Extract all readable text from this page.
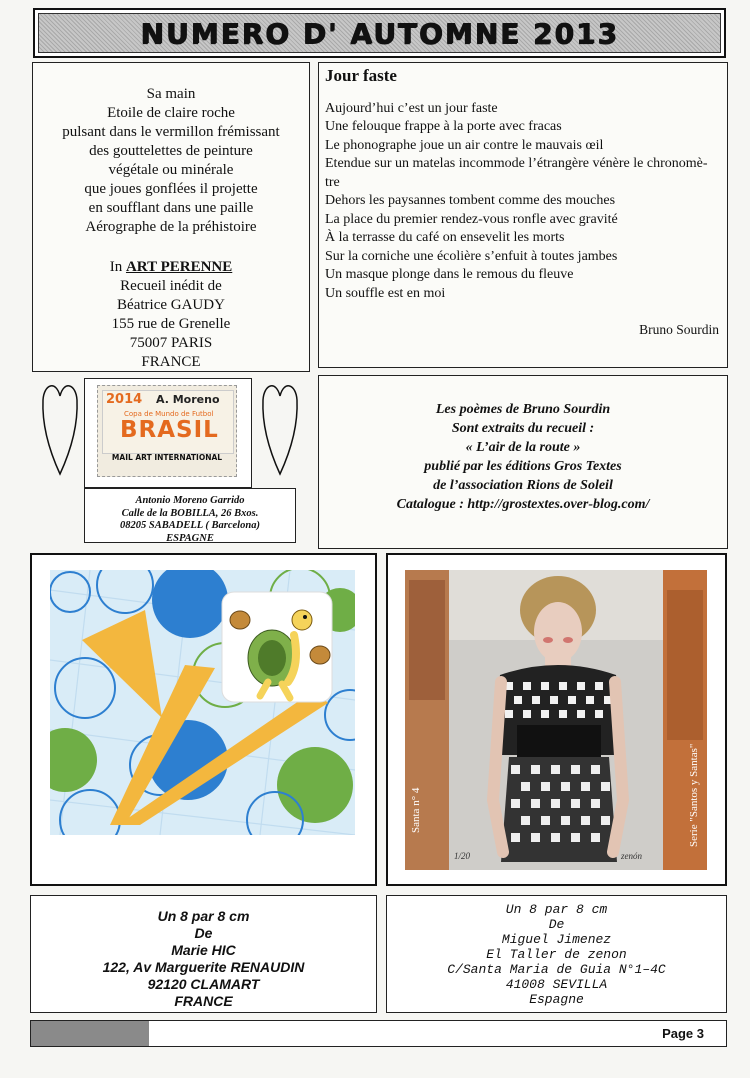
NUMERO D' AUTOMNE 2013
Sa main
Etoile de claire roche
pulsant dans le vermillon frémissant
des gouttelettes de peinture
végétale ou minérale
que joues gonflées il projette
en soufflant dans une paille
Aérographe de la préhistoire
In ART PERENNE
Recueil inédit de
Béatrice GAUDY
155 rue de Grenelle
75007 PARIS
FRANCE
Jour faste
Aujourd’hui c’est un jour faste
Une felouque frappe à la porte avec fracas
Le phonographe joue un air contre le mauvais œil
Etendue sur un matelas incommode l’étrangère vénère le chronomè-
tre
Dehors les paysannes tombent comme des mouches
La place du premier rendez-vous ronfle avec gravité
À la terrasse du café on ensevelit les morts
Sur la corniche une écolière s’enfuit à toutes jambes
Un masque plonge dans le remous du fleuve
Un souffle est en moi
Bruno Sourdin
2014 A. Moreno
Copa de Mundo de Futbol
BRASIL
MAIL ART INTERNATIONAL
Antonio Moreno Garrido
Calle de la BOBILLA, 26 Bxos.
08205 SABADELL ( Barcelona)
ESPAGNE
Les poèmes de Bruno Sourdin
Sont extraits du recueil :
« L’air de la route »
publié par les éditions Gros Textes
de l’association Rions de Soleil
Catalogue : http://grostextes.over-blog.com/
Santa n° 4	Serie "Santos y Santas"
1/20	zenón
Un 8 par 8 cm
De
Marie HIC
122, Av Marguerite RENAUDIN
92120 CLAMART
FRANCE
Un 8 par 8 cm
De
Miguel Jimenez
El Taller de zenon
C/Santa Maria de Guia N°1–4C
41008 SEVILLA
Espagne
Page 3
